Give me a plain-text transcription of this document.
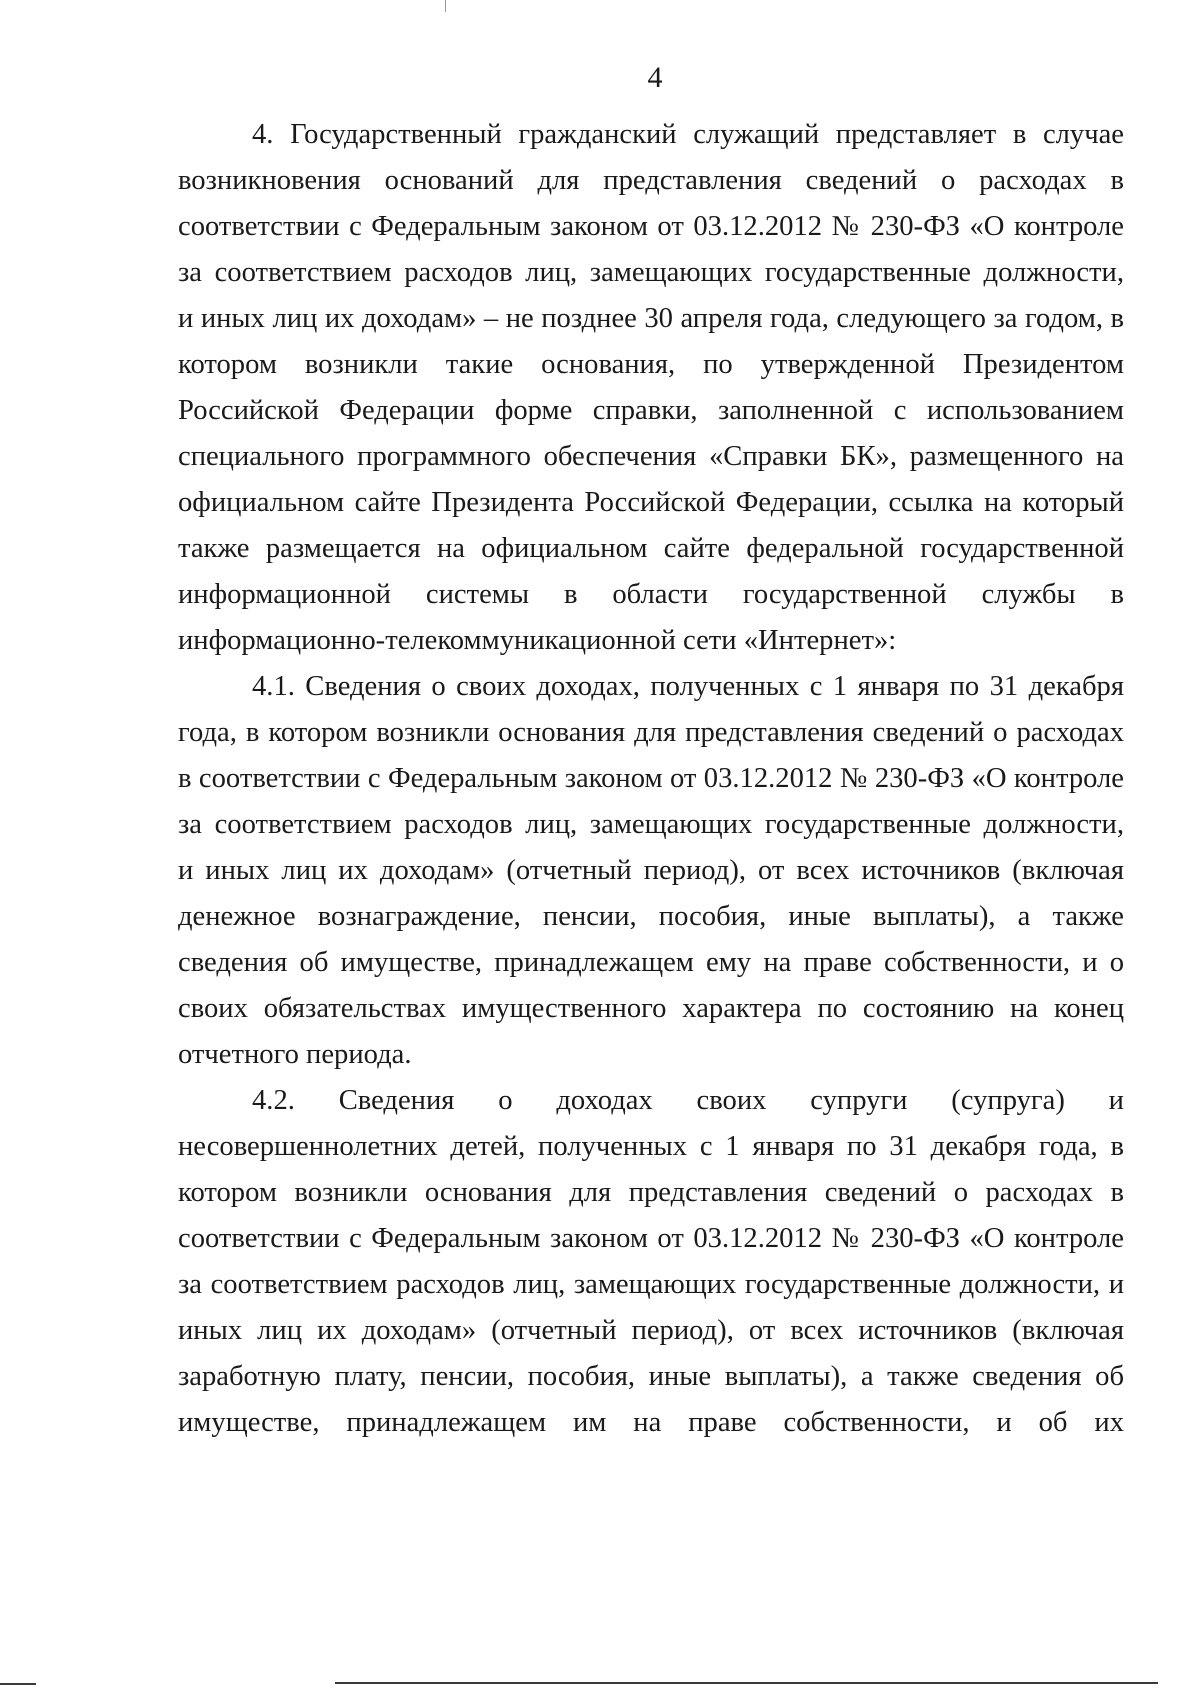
4
4. Государственный гражданский служащий представляет в случае
возникновения оснований для представления сведений о расходах в
соответствии с Федеральным законом от 03.12.2012 № 230-ФЗ «О контроле
за соответствием расходов лиц, замещающих государственные должности,
и иных лиц их доходам» – не позднее 30 апреля года, следующего за годом, в
котором возникли такие основания, по утвержденной Президентом
Российской Федерации форме справки, заполненной с использованием
специального программного обеспечения «Справки БК», размещенного на
официальном сайте Президента Российской Федерации, ссылка на который
также размещается на официальном сайте федеральной государственной
информационной системы в области государственной службы в
информационно-телекоммуникационной сети «Интернет»:
4.1. Сведения о своих доходах, полученных с 1 января по 31 декабря
года, в котором возникли основания для представления сведений о расходах
в соответствии с Федеральным законом от 03.12.2012 № 230-ФЗ «О контроле
за соответствием расходов лиц, замещающих государственные должности,
и иных лиц их доходам» (отчетный период), от всех источников (включая
денежное вознаграждение, пенсии, пособия, иные выплаты), а также
сведения об имуществе, принадлежащем ему на праве собственности, и о
своих обязательствах имущественного характера по состоянию на конец
отчетного периода.
4.2. Сведения о доходах своих супруги (супруга) и
несовершеннолетних детей, полученных с 1 января по 31 декабря года, в
котором возникли основания для представления сведений о расходах в
соответствии с Федеральным законом от 03.12.2012 № 230-ФЗ «О контроле
за соответствием расходов лиц, замещающих государственные должности, и
иных лиц их доходам» (отчетный период), от всех источников (включая
заработную плату, пенсии, пособия, иные выплаты), а также сведения об
имуществе, принадлежащем им на праве собственности, и об их
